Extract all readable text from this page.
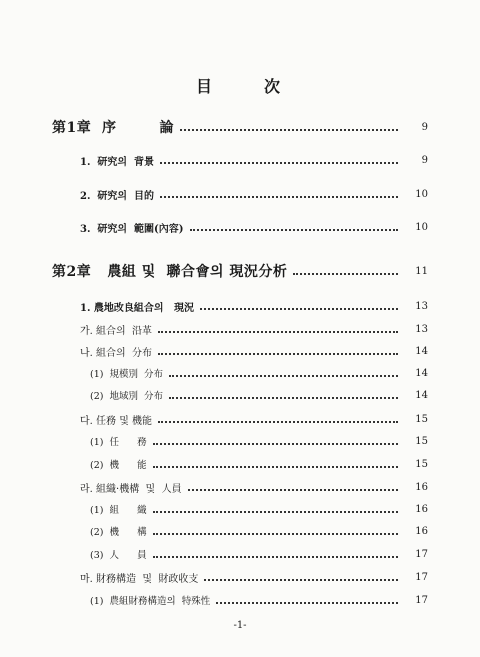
目	次
第1章  序        論	9
1.  研究의  背景	9
2.  研究의  目的	10
3.  研究의  範圍(內容)	10
第2章   農組 및  聯合會의 現況分析	11
1. 農地改良組合의   現況	13
가. 組合의  沿革	13
나. 組合의  分布	14
(1)  規模別  分布	14
(2)  地域別  分布	14
다. 任務 및 機能	15
(1)  任      務	15
(2)  機      能	15
라. 組織·機構  및  人員	16
(1)  組      織	16
(2)  機      構	16
(3)  人      員	17
마. 財務構造  및  財政收支	17
(1)  農組財務構造의  特殊性	17
-1-
